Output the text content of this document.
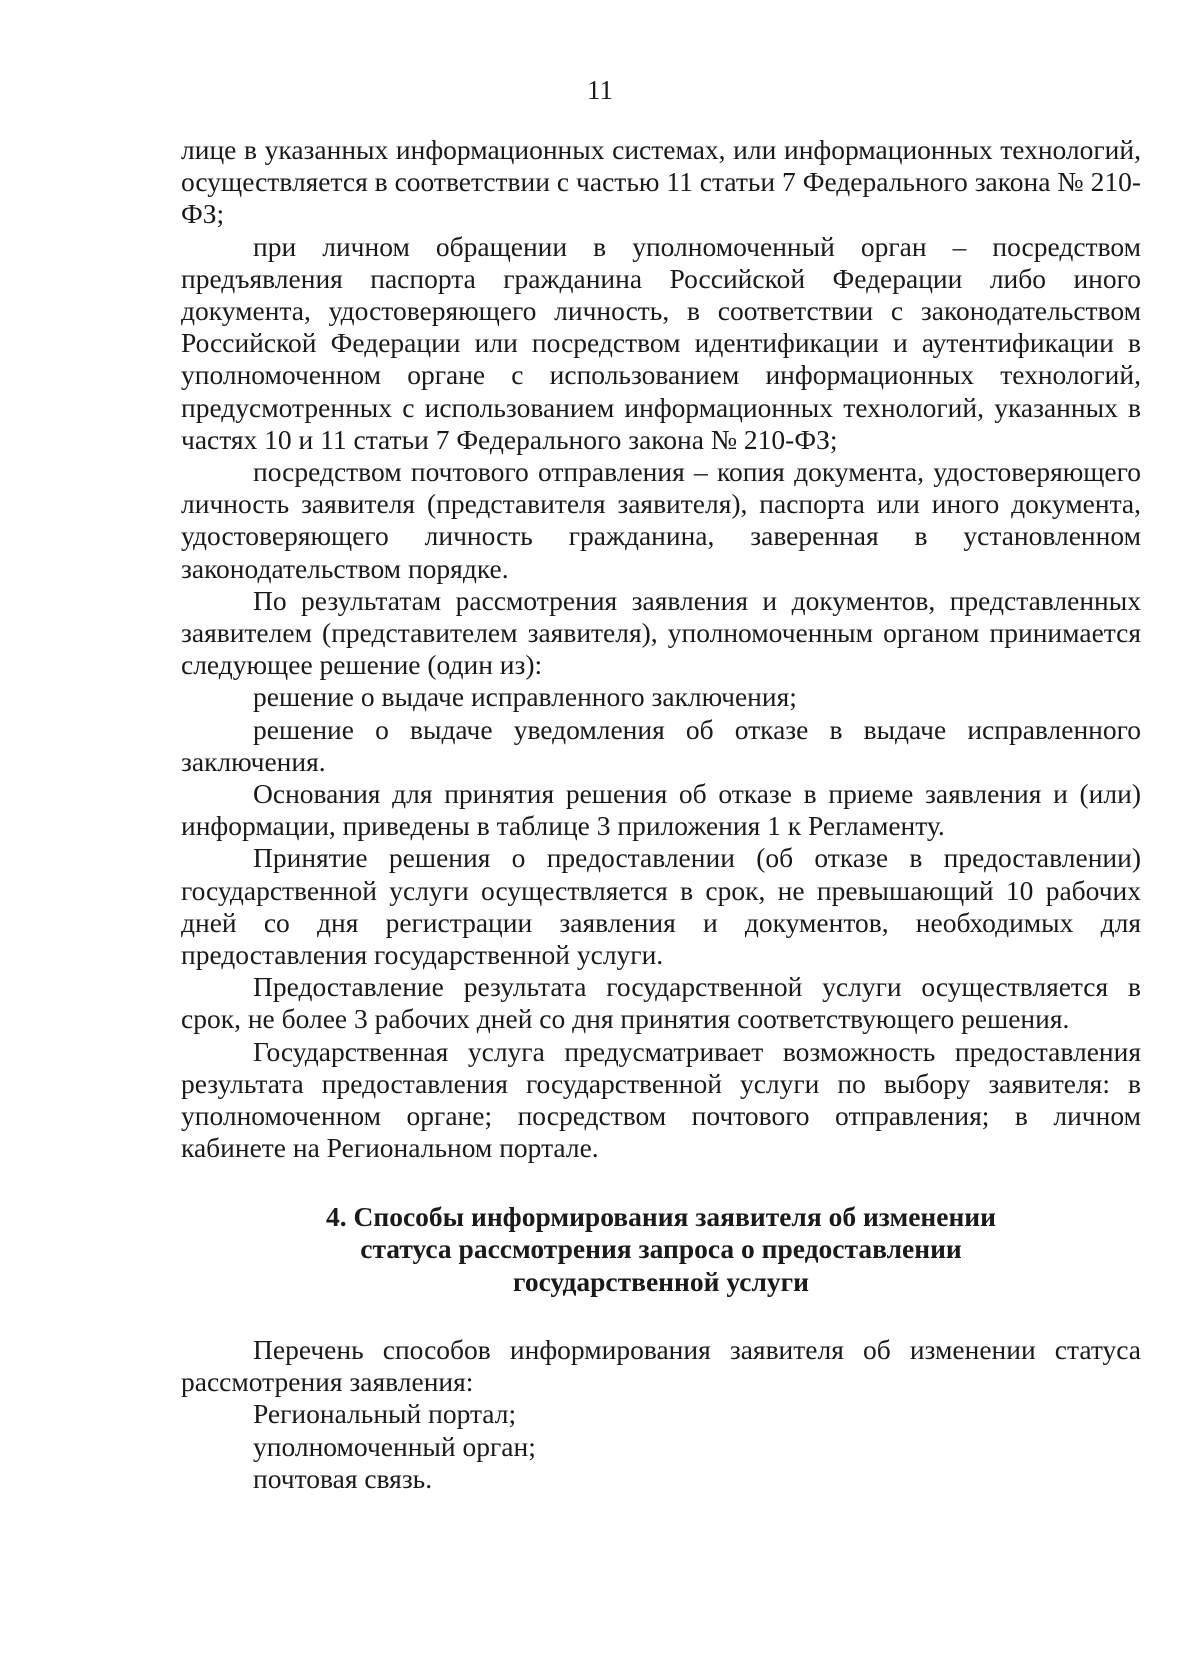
11

лице в указанных информационных системах, или информационных технологий, осуществляется в соответствии с частью 11 статьи 7 Федерального закона № 210-ФЗ;

при личном обращении в уполномоченный орган – посредством предъявления паспорта гражданина Российской Федерации либо иного документа, удостоверяющего личность, в соответствии с законодательством Российской Федерации или посредством идентификации и аутентификации в уполномоченном органе с использованием информационных технологий, предусмотренных с использованием информационных технологий, указанных в частях 10 и 11 статьи 7 Федерального закона № 210-ФЗ;

посредством почтового отправления – копия документа, удостоверяющего личность заявителя (представителя заявителя), паспорта или иного документа, удостоверяющего личность гражданина, заверенная в установленном законодательством порядке.

По результатам рассмотрения заявления и документов, представленных заявителем (представителем заявителя), уполномоченным органом принимается следующее решение (один из):

решение о выдаче исправленного заключения;

решение о выдаче уведомления об отказе в выдаче исправленного заключения.

Основания для принятия решения об отказе в приеме заявления и (или) информации, приведены в таблице 3 приложения 1 к Регламенту.

Принятие решения о предоставлении (об отказе в предоставлении) государственной услуги осуществляется в срок, не превышающий 10 рабочих дней со дня регистрации заявления и документов, необходимых для предоставления государственной услуги.

Предоставление результата государственной услуги осуществляется в срок, не более 3 рабочих дней со дня принятия соответствующего решения.

Государственная услуга предусматривает возможность предоставления результата предоставления государственной услуги по выбору заявителя: в уполномоченном органе; посредством почтового отправления; в личном кабинете на Региональном портале.

4. Способы информирования заявителя об изменении
статуса рассмотрения запроса о предоставлении
государственной услуги

Перечень способов информирования заявителя об изменении статуса рассмотрения заявления:

Региональный портал;

уполномоченный орган;

почтовая связь.
